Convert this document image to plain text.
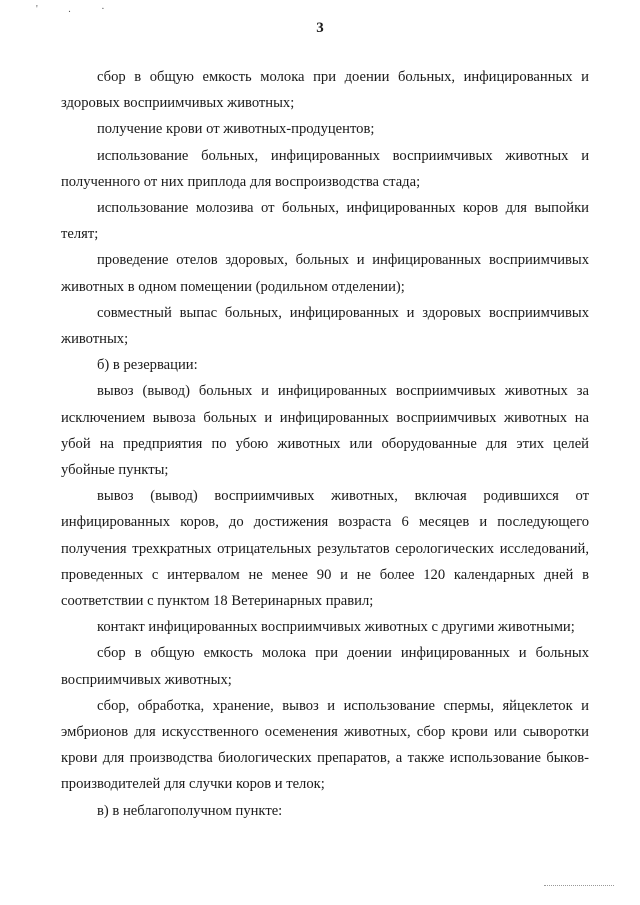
' . ·
3

сбор в общую емкость молока при доении больных, инфицированных и здоровых восприимчивых животных;

получение крови от животных-продуцентов;

использование больных, инфицированных восприимчивых животных и полученного от них приплода для воспроизводства стада;

использование молозива от больных, инфицированных коров для выпойки телят;

проведение отелов здоровых, больных и инфицированных восприимчивых животных в одном помещении (родильном отделении);

совместный выпас больных, инфицированных и здоровых восприимчивых животных;

б) в резервации:

вывоз (вывод) больных и инфицированных восприимчивых животных за исключением вывоза больных и инфицированных восприимчивых животных на убой на предприятия по убою животных или оборудованные для этих целей убойные пункты;

вывоз (вывод) восприимчивых животных, включая родившихся от инфицированных коров, до достижения возраста 6 месяцев и последующего получения трехкратных отрицательных результатов серологических исследований, проведенных с интервалом не менее 90 и не более 120 календарных дней в соответствии с пунктом 18 Ветеринарных правил;

контакт инфицированных восприимчивых животных с другими животными;

сбор в общую емкость молока при доении инфицированных и больных восприимчивых животных;

сбор, обработка, хранение, вывоз и использование спермы, яйцеклеток и эмбрионов для искусственного осеменения животных, сбор крови или сыворотки крови для производства биологических препаратов, а также использование быков-производителей для случки коров и телок;

в) в неблагополучном пункте:
